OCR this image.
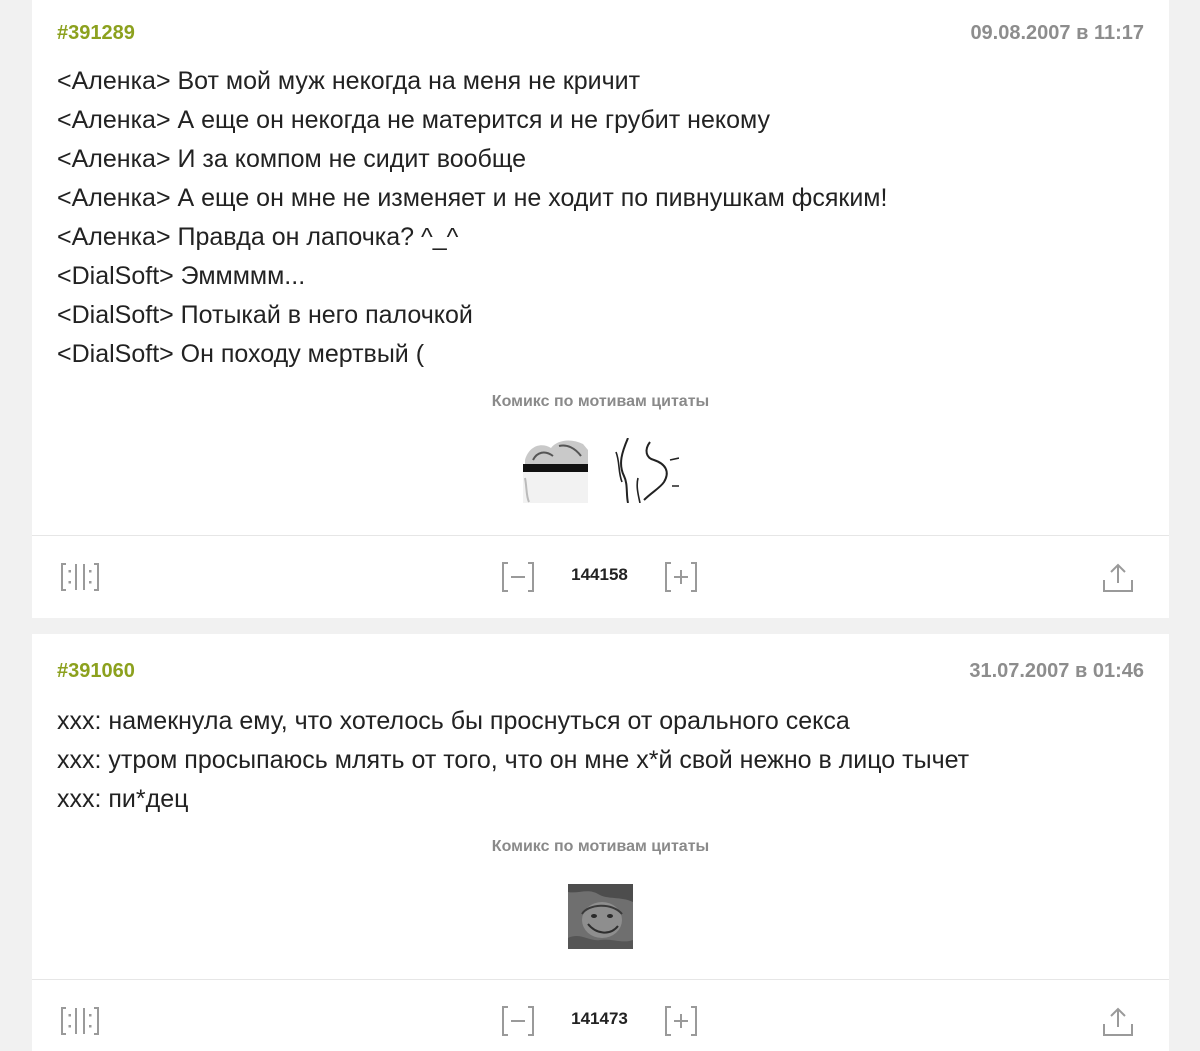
#391289	09.08.2007 в 11:17

<Аленка> Вот мой муж некогда на меня не кричит

<Аленка> А еще он некогда не матерится и не грубит некому

<Аленка> И за компом не сидит вообще

<Аленка> А еще он мне не изменяет и не ходит по пивнушкам фсяким!

<Аленка> Правда он лапочка? ^_^

<DialSoft> Эммммм...

<DialSoft> Потыкай в него палочкой

<DialSoft> Он походу мертвый (

Комикс по мотивам цитаты
144158
#391060	31.07.2007 в 01:46

xxx: намекнула ему, что хотелось бы проснуться от орального секса

xxx: утром просыпаюсь млять от того, что он мне х*й свой нежно в лицо тычет

xxx: пи*дец

Комикс по мотивам цитаты
141473
